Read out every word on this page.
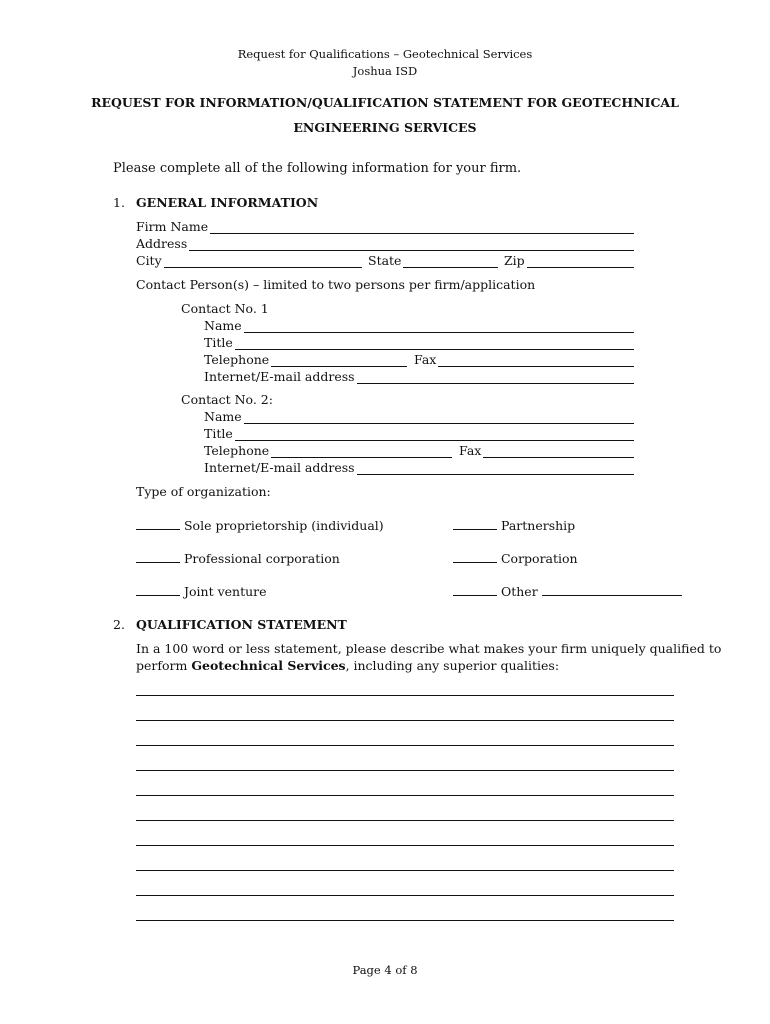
Request for Qualifications – Geotechnical Services
Joshua ISD
REQUEST FOR INFORMATION/QUALIFICATION STATEMENT FOR GEOTECHNICAL
ENGINEERING SERVICES
Please complete all of the following information for your firm.
1. GENERAL INFORMATION
Firm Name
Address
City	State	Zip
Contact Person(s) – limited to two persons per firm/application
Contact No. 1
Name
Title
Telephone	Fax
Internet/E-mail address
Contact No. 2:
Name
Title
Telephone	Fax
Internet/E-mail address
Type of organization:
Sole proprietorship (individual)	Partnership
Professional corporation	Corporation
Joint venture	Other
2. QUALIFICATION STATEMENT
In a 100 word or less statement, please describe what makes your firm uniquely qualified to
perform Geotechnical Services, including any superior qualities:
Page 4 of 8
